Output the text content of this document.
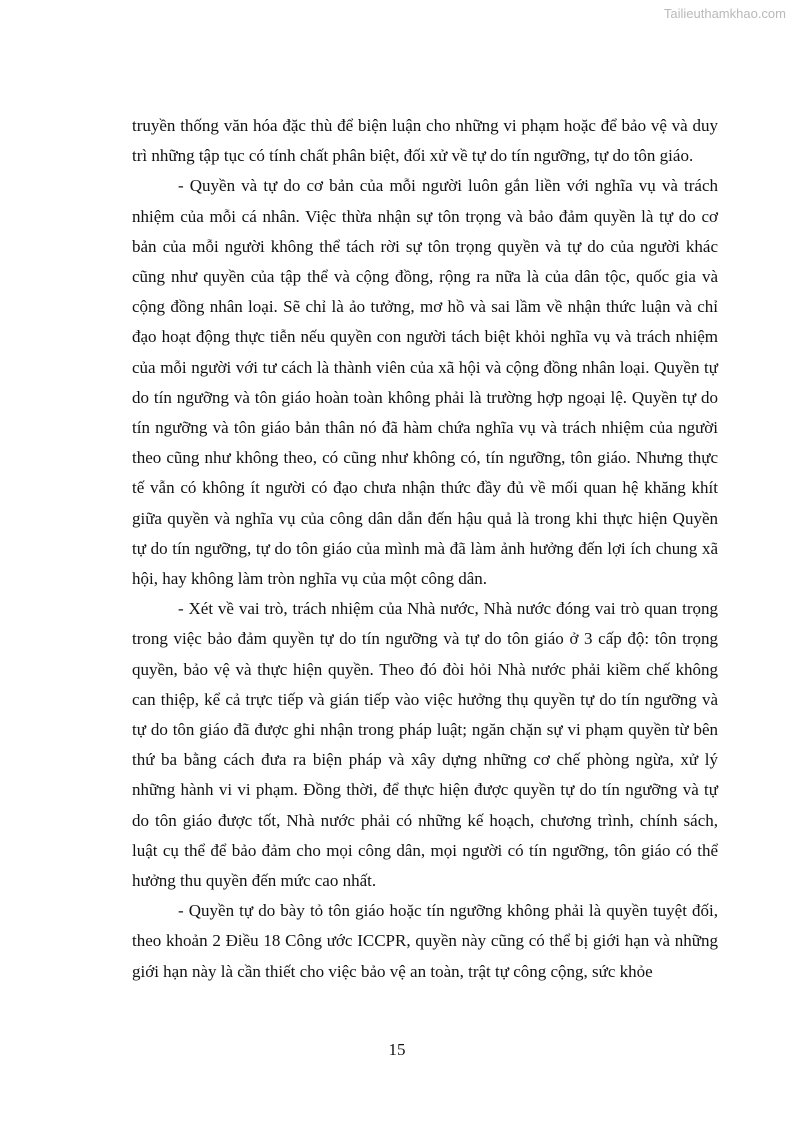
Tailieuthamkhao.com

truyền thống văn hóa đặc thù để biện luận cho những vi phạm hoặc để bảo vệ và duy trì những tập tục có tính chất phân biệt, đối xử về tự do tín ngưỡng, tự do tôn giáo.

- Quyền và tự do cơ bản của mỗi người luôn gắn liền với nghĩa vụ và trách nhiệm của mỗi cá nhân. Việc thừa nhận sự tôn trọng và bảo đảm quyền là tự do cơ bản của mỗi người không thể tách rời sự tôn trọng quyền và tự do của người khác cũng như quyền của tập thể và cộng đồng, rộng ra nữa là của dân tộc, quốc gia và cộng đồng nhân loại. Sẽ chỉ là ảo tưởng, mơ hồ và sai lầm về nhận thức luận và chỉ đạo hoạt động thực tiễn nếu quyền con người tách biệt khỏi nghĩa vụ và trách nhiệm của mỗi người với tư cách là thành viên của xã hội và cộng đồng nhân loại. Quyền tự do tín ngưỡng và tôn giáo hoàn toàn không phải là trường hợp ngoại lệ. Quyền tự do tín ngưỡng và tôn giáo bản thân nó đã hàm chứa nghĩa vụ và trách nhiệm của người theo cũng như không theo, có cũng như không có, tín ngưỡng, tôn giáo. Nhưng thực tế vẫn có không ít người có đạo chưa nhận thức đầy đủ về mối quan hệ khăng khít giữa quyền và nghĩa vụ của công dân dẫn đến hậu quả là trong khi thực hiện Quyền tự do tín ngưỡng, tự do tôn giáo của mình mà đã làm ảnh hưởng đến lợi ích chung xã hội, hay không làm tròn nghĩa vụ của một công dân.

- Xét về vai trò, trách nhiệm của Nhà nước, Nhà nước đóng vai trò quan trọng trong việc bảo đảm quyền tự do tín ngưỡng và tự do tôn giáo ở 3 cấp độ: tôn trọng quyền, bảo vệ và thực hiện quyền. Theo đó đòi hỏi Nhà nước phải kiềm chế không can thiệp, kể cả trực tiếp và gián tiếp vào việc hưởng thụ quyền tự do tín ngưỡng và tự do tôn giáo đã được ghi nhận trong pháp luật; ngăn chặn sự vi phạm quyền từ bên thứ ba bằng cách đưa ra biện pháp và xây dựng những cơ chế phòng ngừa, xử lý những hành vi vi phạm. Đồng thời, để thực hiện được quyền tự do tín ngưỡng và tự do tôn giáo được tốt, Nhà nước phải có những kế hoạch, chương trình, chính sách, luật cụ thể để bảo đảm cho mọi công dân, mọi người có tín ngưỡng, tôn giáo có thể hưởng thu quyền đến mức cao nhất.

- Quyền tự do bày tỏ tôn giáo hoặc tín ngưỡng không phải là quyền tuyệt đối, theo khoản 2 Điều 18 Công ước ICCPR, quyền này cũng có thể bị giới hạn và những giới hạn này là cần thiết cho việc bảo vệ an toàn, trật tự công cộng, sức khỏe

15
